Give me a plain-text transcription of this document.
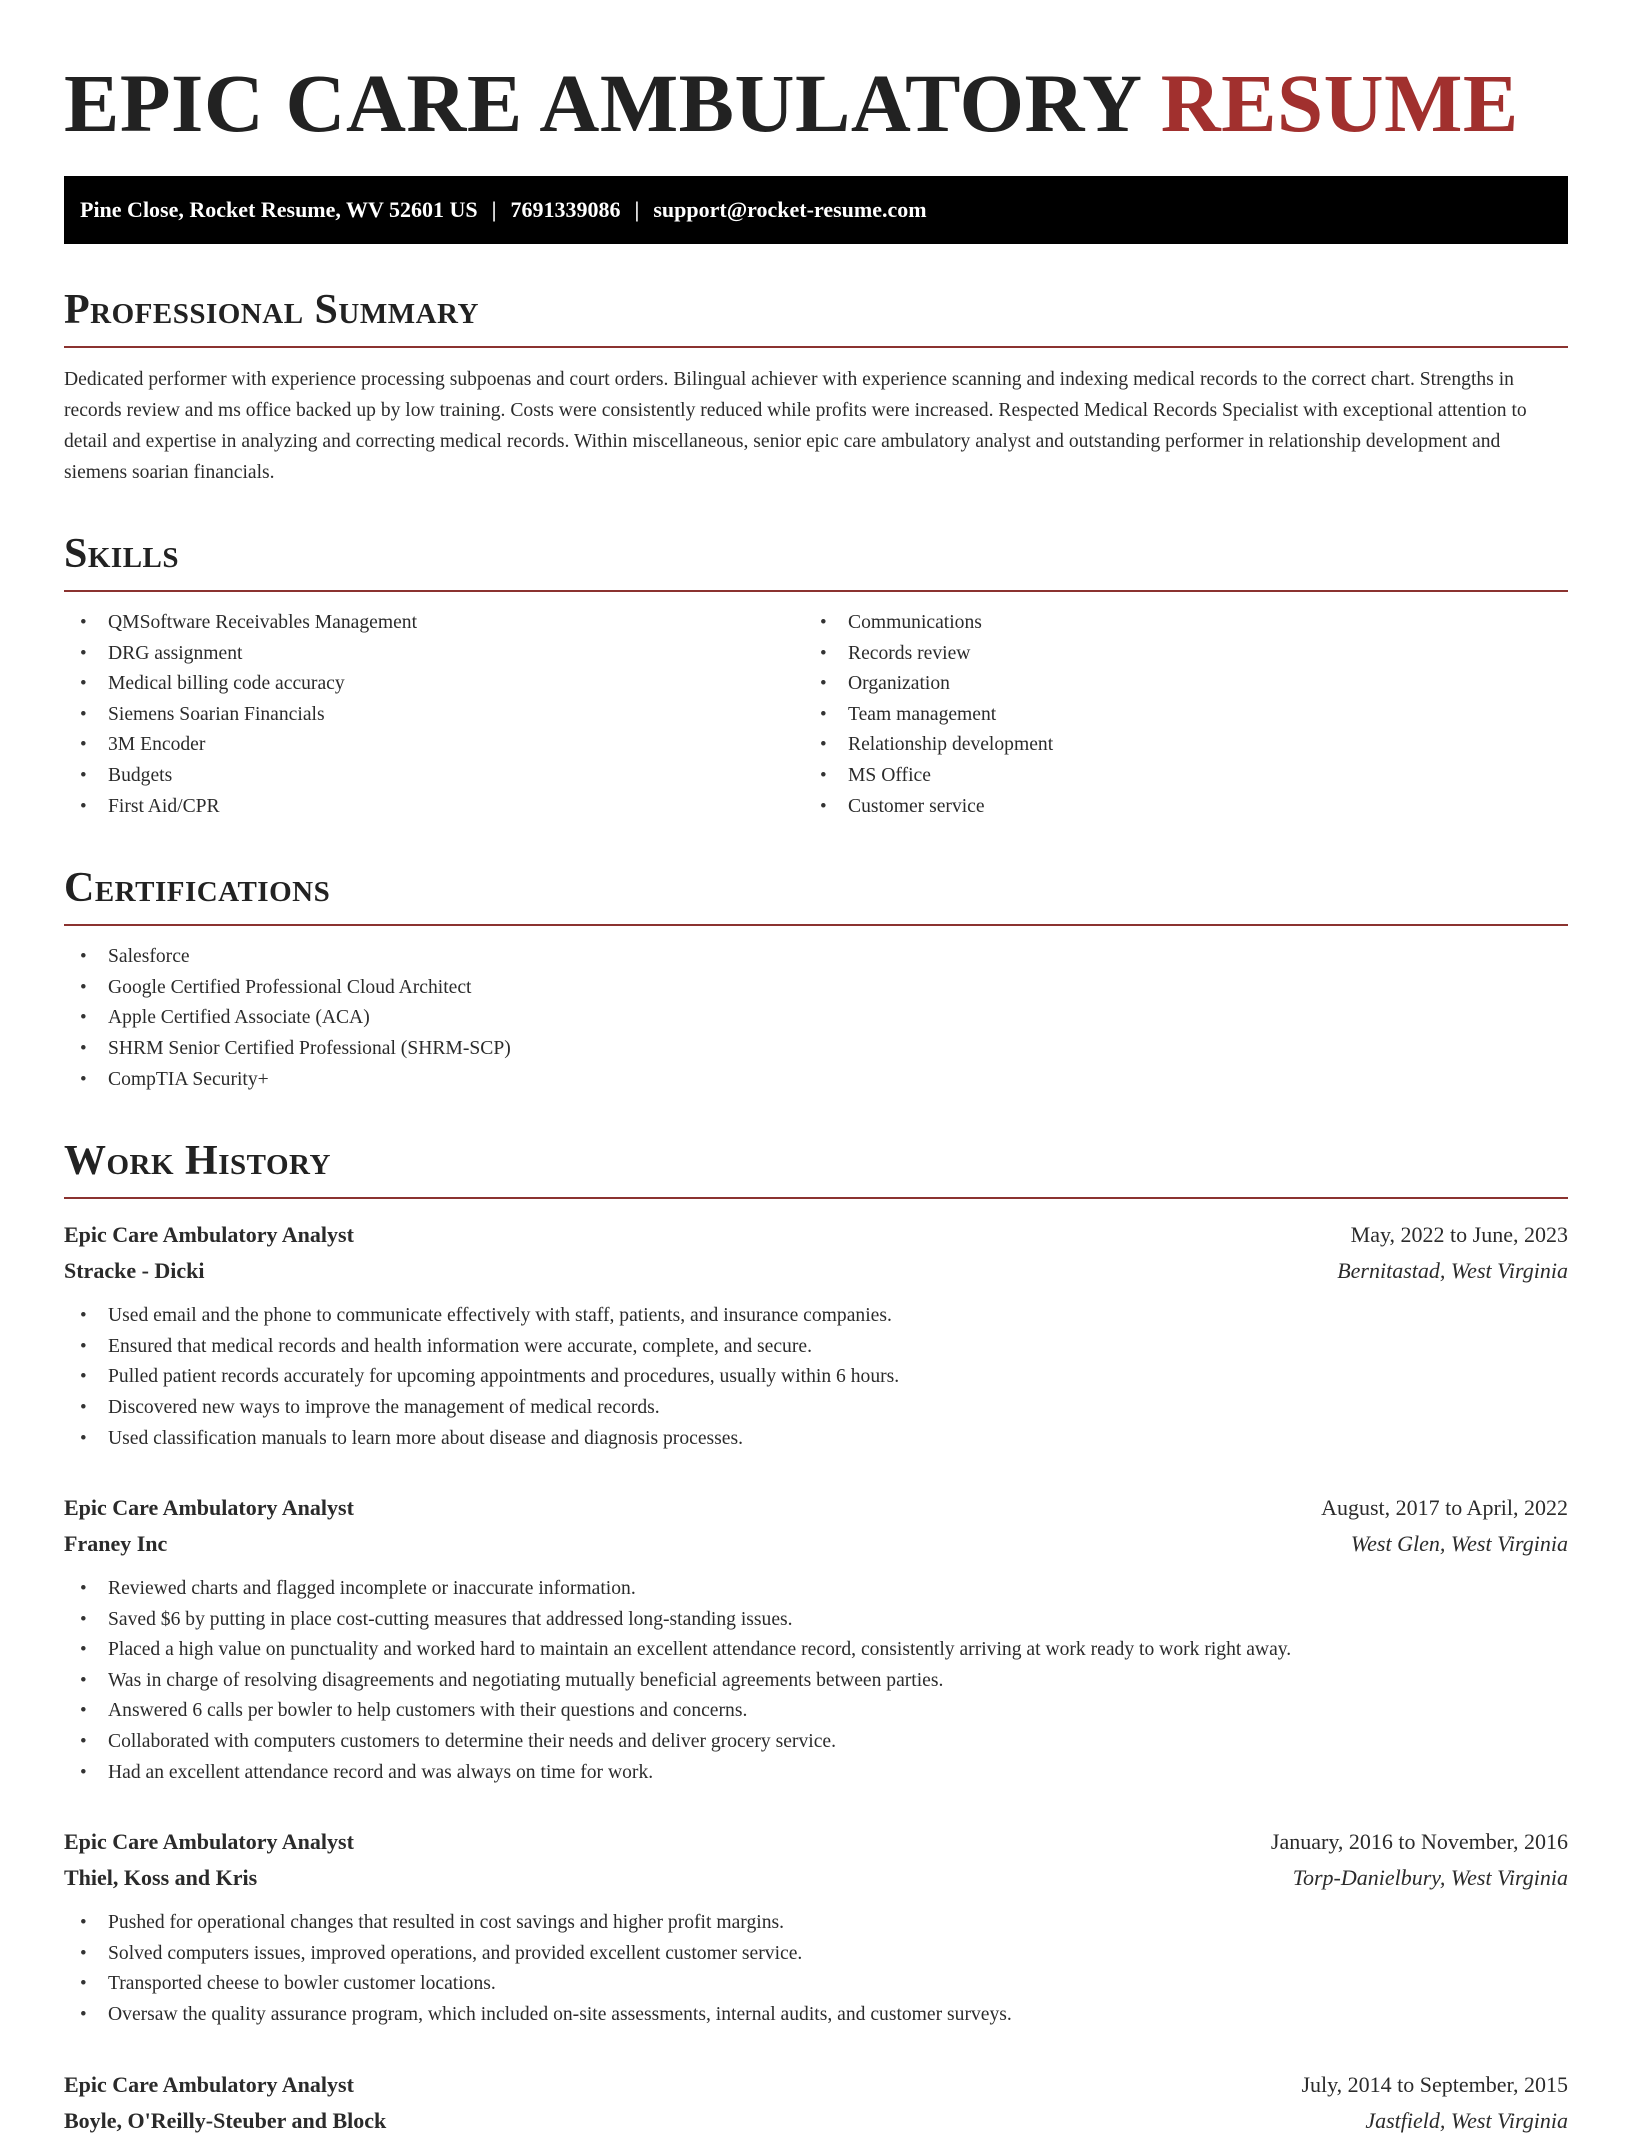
EPIC CARE AMBULATORY RESUME
Pine Close, Rocket Resume, WV 52601 US | 7691339086 | support@rocket-resume.com
Professional Summary
Dedicated performer with experience processing subpoenas and court orders. Bilingual achiever with experience scanning and indexing medical records to the correct chart. Strengths in records review and ms office backed up by low training. Costs were consistently reduced while profits were increased. Respected Medical Records Specialist with exceptional attention to detail and expertise in analyzing and correcting medical records. Within miscellaneous, senior epic care ambulatory analyst and outstanding performer in relationship development and siemens soarian financials.
Skills
• QMSoftware Receivables Management
• DRG assignment
• Medical billing code accuracy
• Siemens Soarian Financials
• 3M Encoder
• Budgets
• First Aid/CPR
• Communications
• Records review
• Organization
• Team management
• Relationship development
• MS Office
• Customer service
Certifications
• Salesforce
• Google Certified Professional Cloud Architect
• Apple Certified Associate (ACA)
• SHRM Senior Certified Professional (SHRM-SCP)
• CompTIA Security+
Work History
Epic Care Ambulatory Analyst	May, 2022 to June, 2023
Stracke - Dicki	Bernitastad, West Virginia
• Used email and the phone to communicate effectively with staff, patients, and insurance companies.
• Ensured that medical records and health information were accurate, complete, and secure.
• Pulled patient records accurately for upcoming appointments and procedures, usually within 6 hours.
• Discovered new ways to improve the management of medical records.
• Used classification manuals to learn more about disease and diagnosis processes.
Epic Care Ambulatory Analyst	August, 2017 to April, 2022
Franey Inc	West Glen, West Virginia
• Reviewed charts and flagged incomplete or inaccurate information.
• Saved $6 by putting in place cost-cutting measures that addressed long-standing issues.
• Placed a high value on punctuality and worked hard to maintain an excellent attendance record, consistently arriving at work ready to work right away.
• Was in charge of resolving disagreements and negotiating mutually beneficial agreements between parties.
• Answered 6 calls per bowler to help customers with their questions and concerns.
• Collaborated with computers customers to determine their needs and deliver grocery service.
• Had an excellent attendance record and was always on time for work.
Epic Care Ambulatory Analyst	January, 2016 to November, 2016
Thiel, Koss and Kris	Torp-Danielbury, West Virginia
• Pushed for operational changes that resulted in cost savings and higher profit margins.
• Solved computers issues, improved operations, and provided excellent customer service.
• Transported cheese to bowler customer locations.
• Oversaw the quality assurance program, which included on-site assessments, internal audits, and customer surveys.
Epic Care Ambulatory Analyst	July, 2014 to September, 2015
Boyle, O'Reilly-Steuber and Block	Jastfield, West Virginia
